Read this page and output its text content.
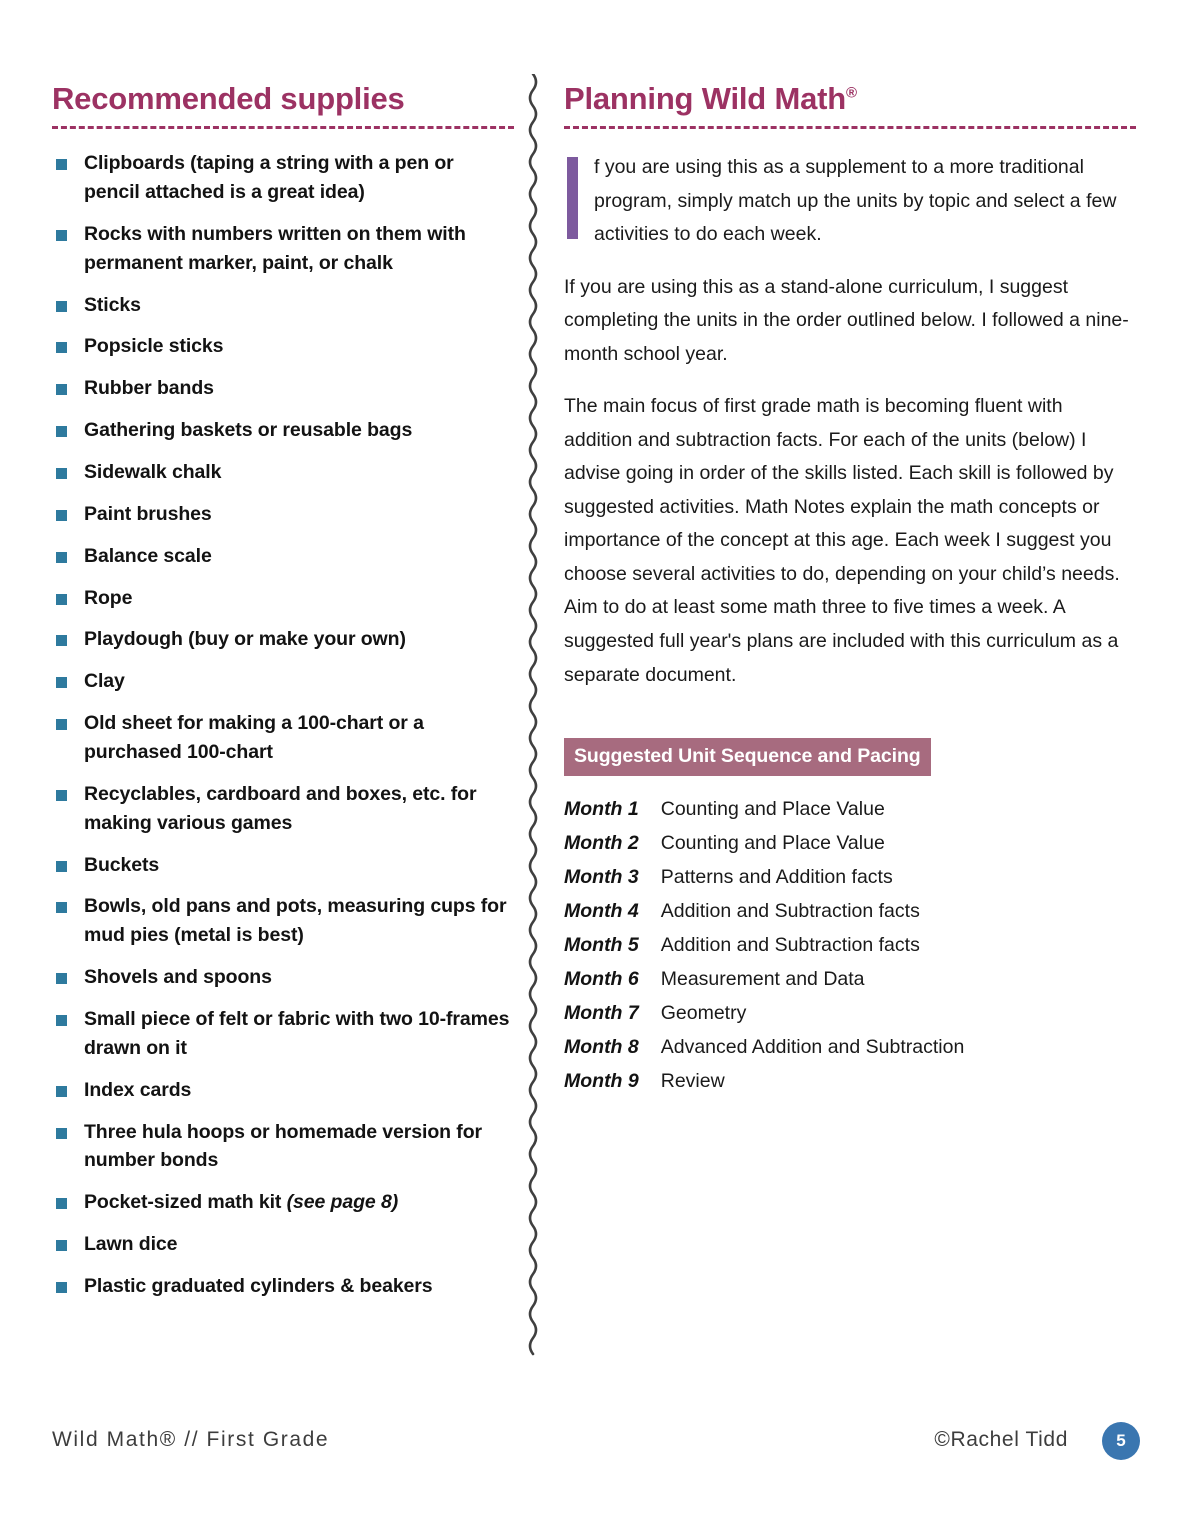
Recommended supplies
Clipboards (taping a string with a pen or pencil attached is a great idea)
Rocks with numbers written on them with permanent marker, paint, or chalk
Sticks
Popsicle sticks
Rubber bands
Gathering baskets or reusable bags
Sidewalk chalk
Paint brushes
Balance scale
Rope
Playdough (buy or make your own)
Clay
Old sheet for making a 100-chart or a purchased 100-chart
Recyclables, cardboard and boxes, etc. for making various games
Buckets
Bowls, old pans and pots, measuring cups for mud pies (metal is best)
Shovels and spoons
Small piece of felt or fabric with two 10-frames drawn on it
Index cards
Three hula hoops or homemade version for number bonds
Pocket-sized math kit (see page 8)
Lawn dice
Plastic graduated cylinders & beakers
Planning Wild Math®

f you are using this as a supplement to a more traditional program, simply match up the units by topic and select a few activities to do each week.

If you are using this as a stand-alone curriculum, I suggest completing the units in the order outlined below. I followed a nine-month school year.

The main focus of first grade math is becoming fluent with addition and subtraction facts. For each of the units (below) I advise going in order of the skills listed. Each skill is followed by suggested activities. Math Notes explain the math concepts or importance of the concept at this age. Each week I suggest you choose several activities to do, depending on your child’s needs. Aim to do at least some math three to five times a week. A suggested full year's plans are included with this curriculum as a separate document.

Suggested Unit Sequence and Pacing
Month 1	Counting and Place Value
Month 2	Counting and Place Value
Month 3	Patterns and Addition facts
Month 4	Addition and Subtraction facts
Month 5	Addition and Subtraction facts
Month 6	Measurement and Data
Month 7	Geometry
Month 8	Advanced Addition and Subtraction
Month 9	Review
Wild Math® // First Grade	©Rachel Tidd	5
